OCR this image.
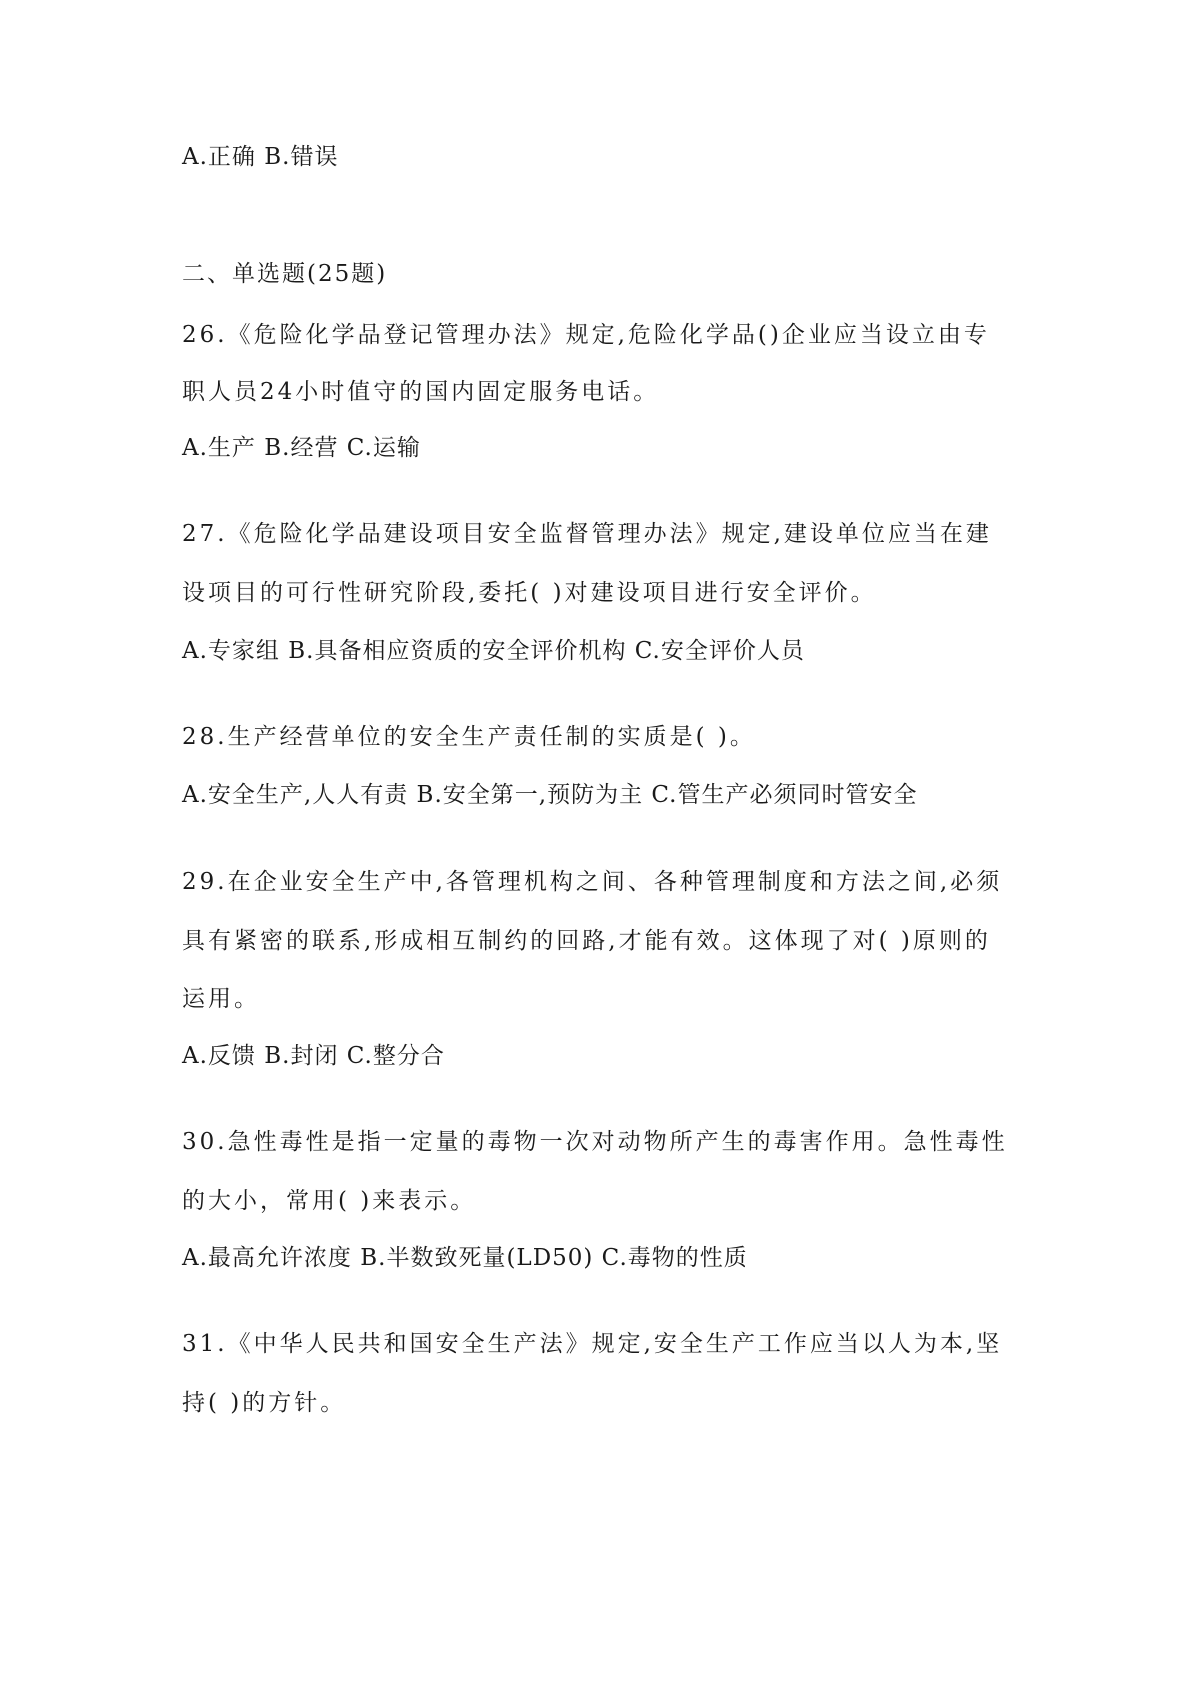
A.正确 B.错误
二、单选题(25题)
26.《危险化学品登记管理办法》规定,危险化学品()企业应当设立由专
职人员24小时值守的国内固定服务电话。
A.生产 B.经营 C.运输
27.《危险化学品建设项目安全监督管理办法》规定,建设单位应当在建
设项目的可行性研究阶段,委托( )对建设项目进行安全评价。
A.专家组 B.具备相应资质的安全评价机构 C.安全评价人员
28.生产经营单位的安全生产责任制的实质是( )。
A.安全生产,人人有责 B.安全第一,预防为主 C.管生产必须同时管安全
29.在企业安全生产中,各管理机构之间、各种管理制度和方法之间,必须
具有紧密的联系,形成相互制约的回路,才能有效。这体现了对( )原则的
运用。
A.反馈 B.封闭 C.整分合
30.急性毒性是指一定量的毒物一次对动物所产生的毒害作用。急性毒性
的大小，常用( )来表示。
A.最高允许浓度 B.半数致死量(LD50) C.毒物的性质
31.《中华人民共和国安全生产法》规定,安全生产工作应当以人为本,坚
持( )的方针。
